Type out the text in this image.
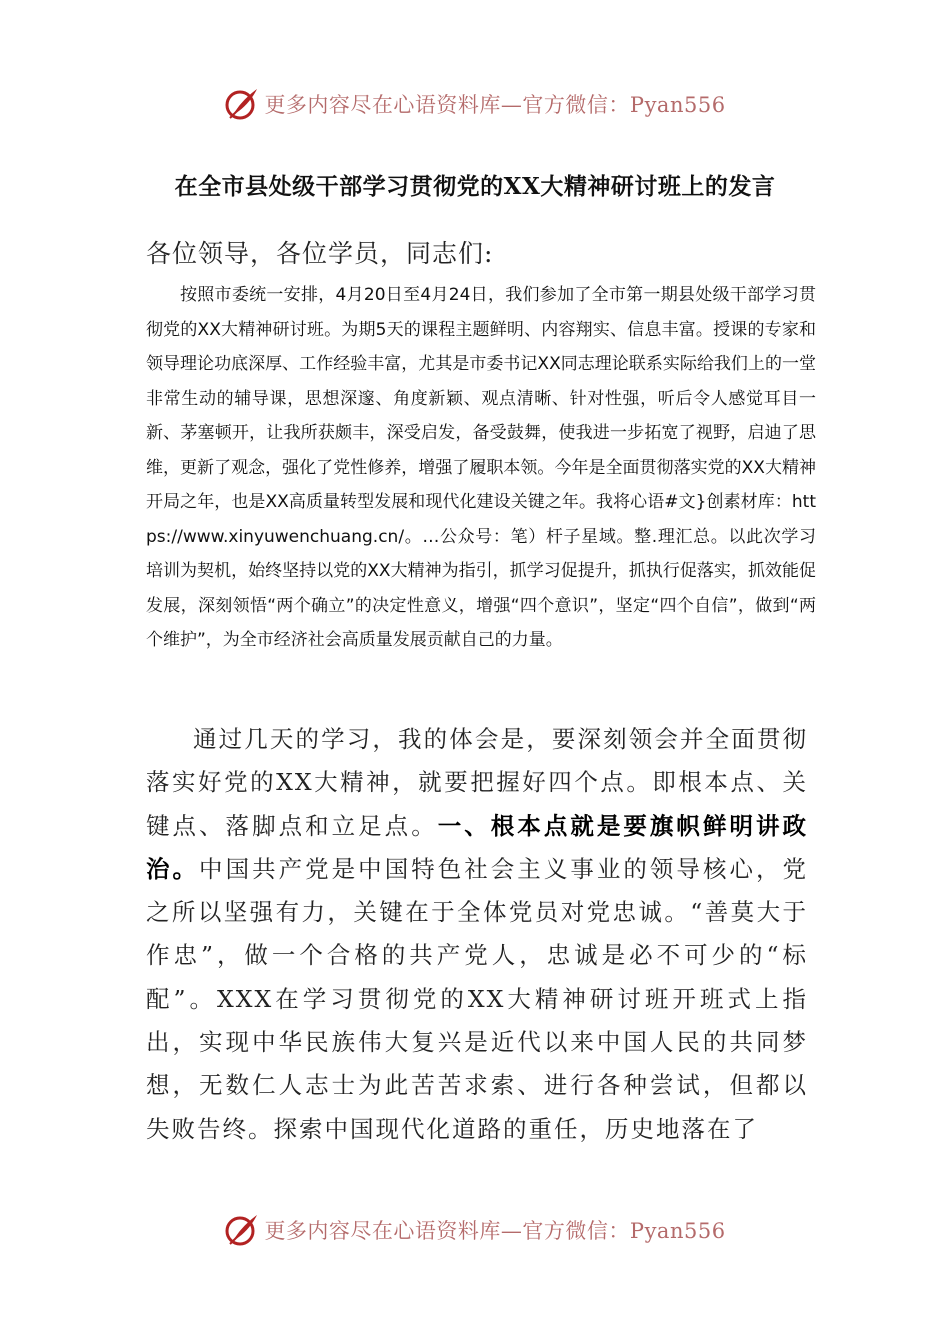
更多内容尽在心语资料库—官方微信：Pyan556
在全市县处级干部学习贯彻党的XX大精神研讨班上的发言
各位领导，各位学员，同志们:
按照市委统一安排，4月20日至4月24日，我们参加了全市第一期县处级干部学习贯彻党的XX大精神研讨班。为期5天的课程主题鲜明、内容翔实、信息丰富。授课的专家和领导理论功底深厚、工作经验丰富，尤其是市委书记XX同志理论联系实际给我们上的一堂非常生动的辅导课，思想深邃、角度新颖、观点清晰、针对性强，听后令人感觉耳目一新、茅塞顿开，让我所获颇丰，深受启发，备受鼓舞，使我进一步拓宽了视野，启迪了思维，更新了观念，强化了党性修养，增强了履职本领。今年是全面贯彻落实党的XX大精神开局之年，也是XX高质量转型发展和现代化建设关键之年。我将心语#文}创素材库：https://www.xinyuwenchuang.cn/。…公众号：笔）杆子星域。整.理汇总。以此次学习培训为契机，始终坚持以党的XX大精神为指引，抓学习促提升，抓执行促落实，抓效能促发展，深刻领悟“两个确立”的决定性意义，增强“四个意识”，坚定“四个自信”，做到“两个维护”，为全市经济社会高质量发展贡献自己的力量。
通过几天的学习，我的体会是，要深刻领会并全面贯彻落实好党的XX大精神，就要把握好四个点。即根本点、关键点、落脚点和立足点。一、根本点就是要旗帜鲜明讲政治。中国共产党是中国特色社会主义事业的领导核心，党之所以坚强有力，关键在于全体党员对党忠诚。“善莫大于作忠”，做一个合格的共产党人，忠诚是必不可少的“标配”。XXX在学习贯彻党的XX大精神研讨班开班式上指出，实现中华民族伟大复兴是近代以来中国人民的共同梦想，无数仁人志士为此苦苦求索、进行各种尝试，但都以失败告终。探索中国现代化道路的重任，历史地落在了
更多内容尽在心语资料库—官方微信：Pyan556
